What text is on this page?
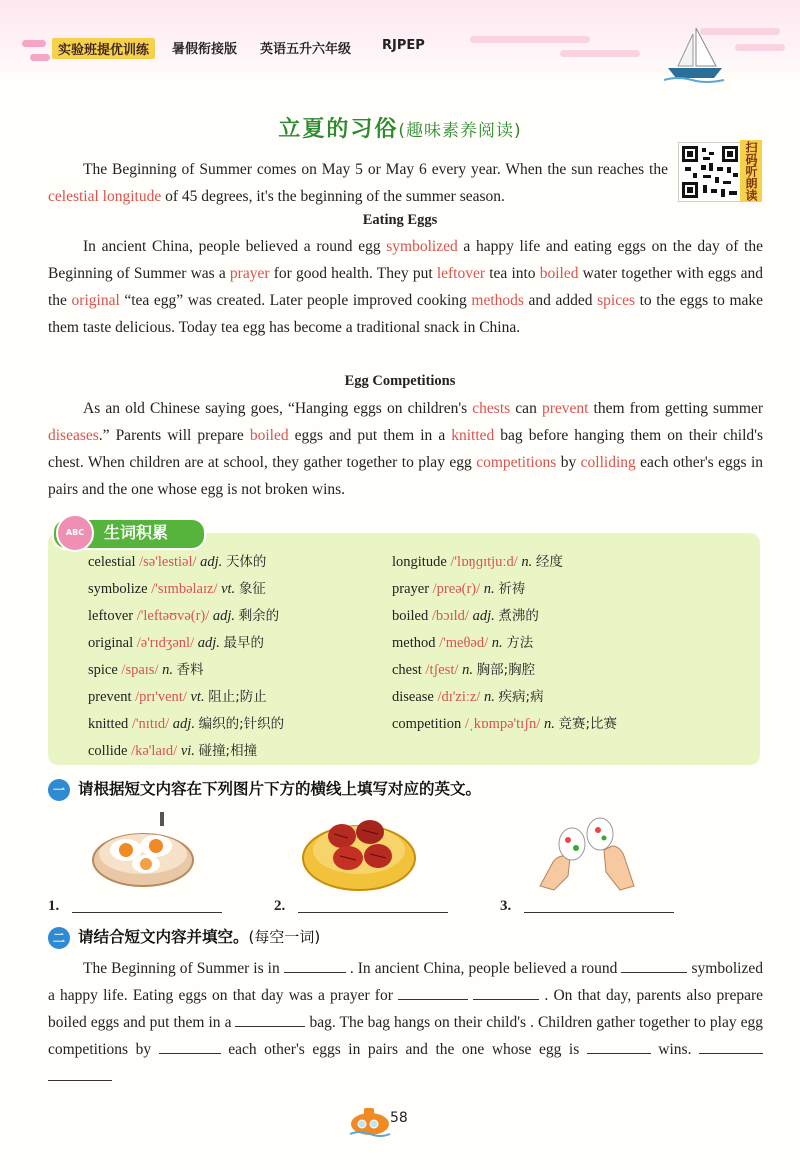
实验班提优训练	暑假衔接版 英语五升六年级 RJPEP
立夏的习俗(趣味素养阅读)
扫码听朗读

The Beginning of Summer comes on May 5 or May 6 every year. When the sun reaches the celestial longitude of 45 degrees, it's the beginning of the summer season.

Eating Eggs

In ancient China, people believed a round egg symbolized a happy life and eating eggs on the day of the Beginning of Summer was a prayer for good health. They put leftover tea into boiled water together with eggs and the original “tea egg” was created. Later people improved cooking methods and added spices to the eggs to make them taste delicious. Today tea egg has become a traditional snack in China.

Egg Competitions

As an old Chinese saying goes, “Hanging eggs on children's chests can prevent them from getting summer diseases.” Parents will prepare boiled eggs and put them in a knitted bag before hanging them on their child's chest. When children are at school, they gather together to play egg competitions by colliding each other's eggs in pairs and the one whose egg is not broken wins.

ABC	生词积累
celestial /sə'lestiəl/ adj. 天体的	longitude /'lɒŋɡɪtjuːd/ n. 经度
symbolize /'sɪmbəlaɪz/ vt. 象征	prayer /preə(r)/ n. 祈祷
leftover /'leftəʊvə(r)/ adj. 剩余的	boiled /bɔɪld/ adj. 煮沸的
original /ə'rɪdʒənl/ adj. 最早的	method /'meθəd/ n. 方法
spice /spaɪs/ n. 香料	chest /tʃest/ n. 胸部;胸腔
prevent /prɪ'vent/ vt. 阻止;防止	disease /dɪ'ziːz/ n. 疾病;病
knitted /'nɪtɪd/ adj. 编织的;针织的	competition /ˌkɒmpə'tɪʃn/ n. 竞赛;比赛
collide /kə'laɪd/ vi. 碰撞;相撞
一 请根据短文内容在下列图片下方的横线上填写对应的英文。
1.	2.	3.
二 请结合短文内容并填空。(每空一词)

The Beginning of Summer is in	. In ancient China, people believed a round	symbolized a happy life. Eating eggs on that day was a prayer for	. On that day, parents also prepare boiled eggs and put them in a	bag. The bag hangs on their child's . Children gather together to play egg competitions by	each other's eggs in pairs and the one whose egg is	wins.

58
